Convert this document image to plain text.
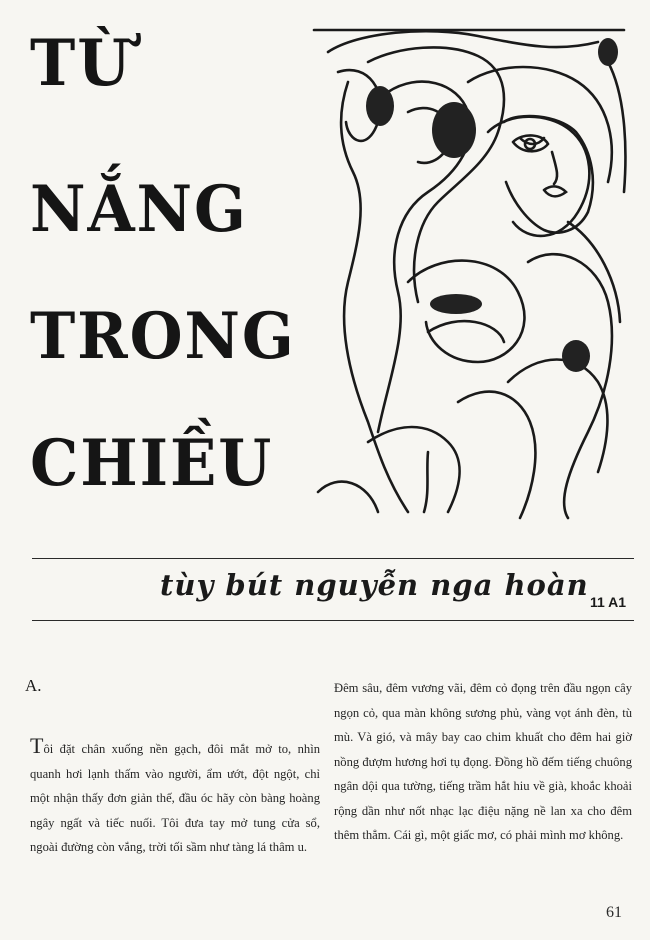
TỪ
NẮNG
TRONG
CHIỀU
tùy bút nguyễn nga hoàn 11 A1
A.
Tôi đặt chân xuống nền gạch, đôi mắt mở to, nhìn quanh hơi lạnh thấm vào người, ẩm ướt, đột ngột, chỉ một nhận thấy đơn giản thế, đầu óc hãy còn bàng hoàng ngây ngất và tiếc nuối. Tôi đưa tay mở tung cửa sổ, ngoài đường còn vắng, trời tối sầm như tàng lá thâm u.
Đêm sâu, đêm vương vãi, đêm cỏ đọng trên đầu ngọn cây ngọn cỏ, qua màn không sương phủ, vàng vọt ánh đèn, tù mù. Và gió, và mây bay cao chim khuất cho đêm hai giờ nồng đượm hương hơi tụ đọng. Đồng hồ đếm tiếng chuông ngân dội qua tường, tiếng trầm hắt hiu về già, khoắc khoải rộng dần như nốt nhạc lạc điệu nặng nề lan xa cho đêm thêm thẳm. Cái gì, một giấc mơ, có phải mình mơ không.
61
